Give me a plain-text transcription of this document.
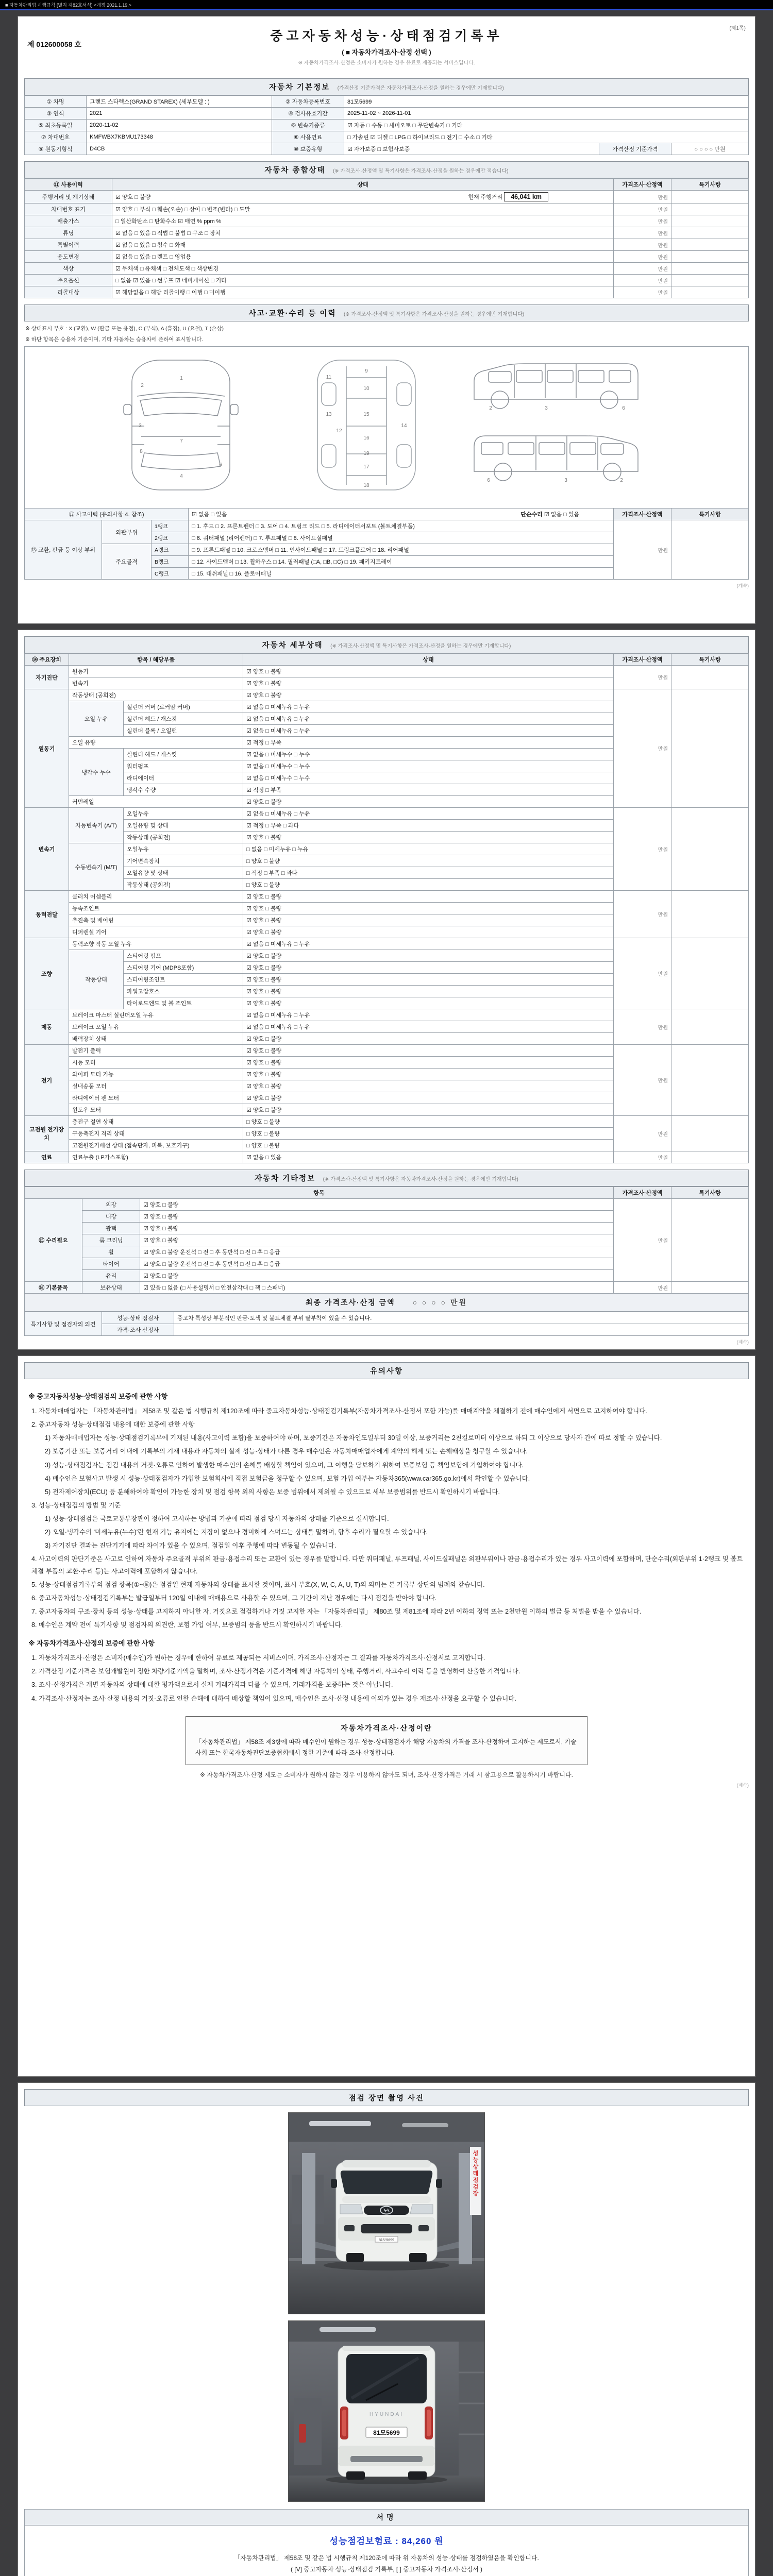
■ 자동차관리법 시행규칙 [별지 제82호서식] <개정 2021.1.19.>
제 012600058 호
(제1쪽)
중고자동차성능·상태점검기록부
( ■ 자동차가격조사·산정 선택 )
※ 자동차가격조사·산정은 소비자가 원하는 경우 유료로 제공되는 서비스입니다.
자동차 기본정보 (가격산정 기준가격은 자동차가격조사·산정을 원하는 경우에만 기재합니다)
① 차명	그랜드 스타렉스(GRAND STAREX) (세부모델 : )	② 자동차등록번호	81모5699		
③ 연식	2021	④ 검사유효기간	2025-11-02 ~ 2026-11-01		
⑤ 최초등록일	2020-11-02	⑥ 변속기종류	☑ 자동 □ 수동 □ 세미오토 □ 무단변속기 □ 기타		
⑦ 차대번호	KMFWBX7KBMU173348	⑧ 사용연료	□ 가솔린 ☑ 디젤 □ LPG □ 하이브리드 □ 전기 □ 수소 □ 기타		
⑨ 원동기형식	D4CB	⑩ 보증유형	☑ 자가보증 □ 보험사보증	가격산정 기준가격	○ ○ ○ ○ 만원
자동차 종합상태 (※ 가격조사·산정액 및 특기사항은 가격조사·산정을 원하는 경우에만 적습니다)
⑪ 사용이력	상태	가격조사·산정액	특기사항
주행거리 및 계기상태	☑ 양호 □ 불량 현재 주행거리 46,041 km	만원	
차대번호 표기	☑ 양호 □ 부식 □ 훼손(오손) □ 상이 □ 변조(변타) □ 도말	만원	
배출가스	□ 일산화탄소 □ 탄화수소 ☑ 매연 % ppm %	만원	
튜닝	☑ 없음 □ 있음 □ 적법 □ 불법 □ 구조 □ 장치	만원	
특별이력	☑ 없음 □ 있음 □ 침수 □ 화재	만원	
용도변경	☑ 없음 □ 있음 □ 렌트 □ 영업용	만원	
색상	☑ 무채색 □ 유채색 □ 전체도색 □ 색상변경	만원	
주요옵션	□ 없음 ☑ 있음 □ 썬루프 ☑ 네비게이션 □ 기타	만원	
리콜대상	☑ 해당없음 □ 해당 리콜이행 □ 이행 □ 미이행	만원	
사고·교환·수리 등 이력 (※ 가격조사·산정액 및 특기사항은 가격조사·산정을 원하는 경우에만 기재합니다)
※ 상태표시 부호 : X (교환), W (판금 또는 용접), C (부식), A (흠집), U (요철), T (손상)
※ 하단 항목은 승용차 기준이며, 기타 자동차는 승용차에 준하여 표시합니다.
1
2
3
4
6
7
8
9
10
11
12
13
14
15
16
17
18
19
2	3	6
2
3
6
⑫ 사고이력 (유의사항 4. 참조)			☑ 없음 □ 있음 단순수리 ☑ 없음 □ 있음	가격조사·산정액	특기사항
⑬ 교환, 판금 등 이상 부위	외판부위	1랭크	□ 1. 후드 □ 2. 프론트펜더 □ 3. 도어 □ 4. 트렁크 리드 □ 5. 라디에이터서포트 (볼트체결부품)	만원	
		2랭크	□ 6. 쿼터패널 (리어펜더) □ 7. 루프패널 □ 8. 사이드실패널		
	주요골격	A랭크	□ 9. 프론트패널 □ 10. 크로스멤버 □ 11. 인사이드패널 □ 17. 트렁크플로어 □ 18. 리어패널		
		B랭크	□ 12. 사이드멤버 □ 13. 휠하우스 □ 14. 필러패널 (□A, □B, □C) □ 19. 패키지트레이		
		C랭크	□ 15. 대쉬패널 □ 16. 플로어패널		
(계속)
자동차 세부상태 (※ 가격조사·산정액 및 특기사항은 가격조사·산정을 원하는 경우에만 기재합니다)
⑭ 주요장치	항목 / 해당부품		상태	가격조사·산정액	특기사항
자기진단	원동기		☑ 양호 □ 불량	만원	
	변속기		☑ 양호 □ 불량		
원동기	작동상태 (공회전)		☑ 양호 □ 불량	만원	
	오일 누유	실린더 커버 (로커암 커버)	☑ 없음 □ 미세누유 □ 누유		
		실린더 헤드 / 개스킷	☑ 없음 □ 미세누유 □ 누유		
		실린더 블록 / 오일팬	☑ 없음 □ 미세누유 □ 누유		
	오일 유량		☑ 적정 □ 부족		
	냉각수 누수	실린더 헤드 / 개스킷	☑ 없음 □ 미세누수 □ 누수		
		워터펌프	☑ 없음 □ 미세누수 □ 누수		
		라디에이터	☑ 없음 □ 미세누수 □ 누수		
		냉각수 수량	☑ 적정 □ 부족		
	커먼레일		☑ 양호 □ 불량		
변속기	자동변속기 (A/T)	오일누유	☑ 없음 □ 미세누유 □ 누유	만원	
		오일유량 및 상태	☑ 적정 □ 부족 □ 과다		
		작동상태 (공회전)	☑ 양호 □ 불량		
	수동변속기 (M/T)	오일누유	□ 없음 □ 미세누유 □ 누유		
		기어변속장치	□ 양호 □ 불량		
		오일유량 및 상태	□ 적정 □ 부족 □ 과다		
		작동상태 (공회전)	□ 양호 □ 불량		
동력전달	클러치 어셈블리		☑ 양호 □ 불량	만원	
	등속조인트		☑ 양호 □ 불량		
	추진축 및 베어링		☑ 양호 □ 불량		
	디퍼렌셜 기어		☑ 양호 □ 불량		
조향	동력조향 작동 오일 누유		☑ 없음 □ 미세누유 □ 누유	만원	
	작동상태	스티어링 펌프	☑ 양호 □ 불량		
		스티어링 기어 (MDPS포함)	☑ 양호 □ 불량		
		스티어링조인트	☑ 양호 □ 불량		
		파워고압호스	☑ 양호 □ 불량		
		타이로드엔드 및 볼 조인트	☑ 양호 □ 불량		
제동	브레이크 마스터 실린더오일 누유		☑ 없음 □ 미세누유 □ 누유	만원	
	브레이크 오일 누유		☑ 없음 □ 미세누유 □ 누유		
	배력장치 상태		☑ 양호 □ 불량		
전기	발전기 출력		☑ 양호 □ 불량	만원	
	시동 모터		☑ 양호 □ 불량		
	와이퍼 모터 기능		☑ 양호 □ 불량		
	실내송풍 모터		☑ 양호 □ 불량		
	라디에이터 팬 모터		☑ 양호 □ 불량		
	윈도우 모터		☑ 양호 □ 불량		
고전원 전기장치	충전구 절연 상태		□ 양호 □ 불량	만원	
	구동축전지 격리 상태		□ 양호 □ 불량		
	고전원전기배선 상태 (접속단자, 피복, 보호기구)		□ 양호 □ 불량		
연료	연료누출 (LP가스포함)		☑ 없음 □ 있음	만원	
자동차 기타정보 (※ 가격조사·산정액 및 특기사항은 자동차가격조사·산정을 원하는 경우에만 기재합니다)
항목			가격조사·산정액	특기사항
⑮ 수리필요	외장	☑ 양호 □ 불량	만원	
	내장	☑ 양호 □ 불량		
	광택	☑ 양호 □ 불량		
	룸 크리닝	☑ 양호 □ 불량		
	휠	☑ 양호 □ 불량 운전석 □ 전 □ 후 동반석 □ 전 □ 후 □ 응급		
	타이어	☑ 양호 □ 불량 운전석 □ 전 □ 후 동반석 □ 전 □ 후 □ 응급		
	유리	☑ 양호 □ 불량		
⑯ 기본품목	보유상태	☑ 있음 □ 없음 (□ 사용설명서 □ 안전삼각대 □ 잭 □ 스패너)	만원	
최종 가격조사·산정 금액 ○ ○ ○ ○ 만원
특기사항 및 점검자의 의견	성능·상태 점검자	중고차 특성상 부분적인 판금·도색 및 볼트체결 부위 탈부착이 있을 수 있습니다.
	가격·조사 산정자	
(계속)
유의사항
※ 중고자동차성능·상태점검의 보증에 관한 사항
1. 자동차매매업자는 「자동차관리법」 제58조 및 같은 법 시행규칙 제120조에 따라 중고자동차성능·상태점검기록부(자동차가격조사·산정서 포함 가능)를 매매계약을 체결하기 전에 매수인에게 서면으로 고지하여야 합니다.
2. 중고자동차 성능·상태점검 내용에 대한 보증에 관한 사항
1) 자동차매매업자는 성능·상태점검기록부에 기재된 내용(사고이력 포함)을 보증하여야 하며, 보증기간은 자동차인도일부터 30일 이상, 보증거리는 2천킬로미터 이상으로 하되 그 이상으로 당사자 간에 따로 정할 수 있습니다.
2) 보증기간 또는 보증거리 이내에 기록부의 기재 내용과 자동차의 실제 성능·상태가 다른 경우 매수인은 자동차매매업자에게 계약의 해제 또는 손해배상을 청구할 수 있습니다.
3) 성능·상태점검자는 점검 내용의 거짓·오류로 인하여 발생한 매수인의 손해를 배상할 책임이 있으며, 그 이행을 담보하기 위하여 보증보험 등 책임보험에 가입하여야 합니다.
4) 매수인은 보험사고 발생 시 성능·상태점검자가 가입한 보험회사에 직접 보험금을 청구할 수 있으며, 보험 가입 여부는 자동차365(www.car365.go.kr)에서 확인할 수 있습니다.
5) 전자제어장치(ECU) 등 분해하여야 확인이 가능한 장치 및 점검 항목 외의 사항은 보증 범위에서 제외될 수 있으므로 세부 보증범위를 반드시 확인하시기 바랍니다.
3. 성능·상태점검의 방법 및 기준
1) 성능·상태점검은 국토교통부장관이 정하여 고시하는 방법과 기준에 따라 점검 당시 자동차의 상태를 기준으로 실시합니다.
2) 오일·냉각수의 '미세누유(누수)'란 현재 기능 유지에는 지장이 없으나 경미하게 스며드는 상태를 말하며, 향후 수리가 필요할 수 있습니다.
3) 자기진단 결과는 진단기기에 따라 차이가 있을 수 있으며, 점검일 이후 주행에 따라 변동될 수 있습니다.
4. 사고이력의 판단기준은 사고로 인하여 자동차 주요골격 부위의 판금·용접수리 또는 교환이 있는 경우를 말합니다. 다만 쿼터패널, 루프패널, 사이드실패널은 외판부위이나 판금·용접수리가 있는 경우 사고이력에 포함하며, 단순수리(외판부위 1·2랭크 및 볼트체결 부품의 교환·수리 등)는 사고이력에 포함하지 않습니다.
5. 성능·상태점검기록부의 점검 항목(①~⑯)은 점검일 현재 자동차의 상태를 표시한 것이며, 표시 부호(X, W, C, A, U, T)의 의미는 본 기록부 상단의 범례와 같습니다.
6. 중고자동차성능·상태점검기록부는 발급일부터 120일 이내에 매매용으로 사용할 수 있으며, 그 기간이 지난 경우에는 다시 점검을 받아야 합니다.
7. 중고자동차의 구조·장치 등의 성능·상태를 고지하지 아니한 자, 거짓으로 점검하거나 거짓 고지한 자는 「자동차관리법」 제80조 및 제81조에 따라 2년 이하의 징역 또는 2천만원 이하의 벌금 등 처벌을 받을 수 있습니다.
8. 매수인은 계약 전에 특기사항 및 점검자의 의견란, 보험 가입 여부, 보증범위 등을 반드시 확인하시기 바랍니다.
※ 자동차가격조사·산정의 보증에 관한 사항
1. 자동차가격조사·산정은 소비자(매수인)가 원하는 경우에 한하여 유료로 제공되는 서비스이며, 가격조사·산정자는 그 결과를 자동차가격조사·산정서로 고지합니다.
2. 가격산정 기준가격은 보험개발원이 정한 차량기준가액을 말하며, 조사·산정가격은 기준가격에 해당 자동차의 상태, 주행거리, 사고수리 이력 등을 반영하여 산출한 가격입니다.
3. 조사·산정가격은 개별 자동차의 상태에 대한 평가액으로서 실제 거래가격과 다를 수 있으며, 거래가격을 보증하는 것은 아닙니다.
4. 가격조사·산정자는 조사·산정 내용의 거짓·오류로 인한 손해에 대하여 배상할 책임이 있으며, 매수인은 조사·산정 내용에 이의가 있는 경우 재조사·산정을 요구할 수 있습니다.
자동차가격조사·산정이란
「자동차관리법」 제58조 제3항에 따라 매수인이 원하는 경우 성능·상태점검자가 해당 자동차의 가격을 조사·산정하여 고지하는 제도로서, 기술사회 또는 한국자동차진단보증협회에서 정한 기준에 따라 조사·산정합니다.
※ 자동차가격조사·산정 제도는 소비자가 원하지 않는 경우 이용하지 않아도 되며, 조사·산정가격은 거래 시 참고용으로 활용하시기 바랍니다.
(계속)
점검 장면 촬영 사진
성 능 상 태 점 검 장
81모5699
HYUNDAI
81모5699
서명
성능점검보험료 : 84,260 원
「자동차관리법」 제58조 및 같은 법 시행규칙 제120조에 따라 위 자동차의 성능·상태를 점검하였음을 확인합니다.
( [V] 중고자동차 성능·상태점검 기록부, [ ] 중고자동차 가격조사·산정서 )
